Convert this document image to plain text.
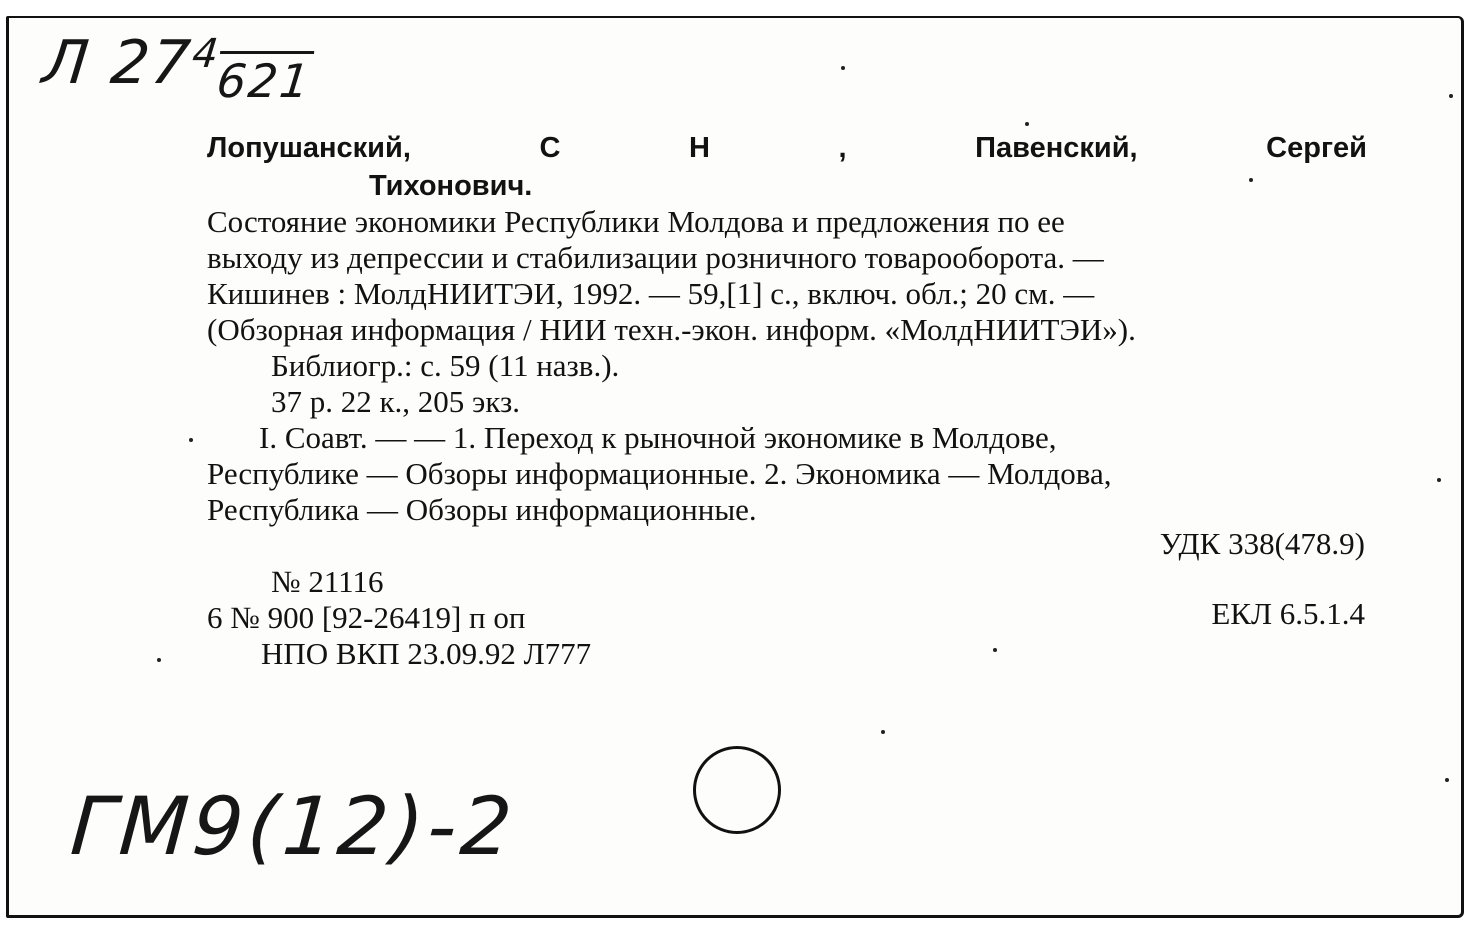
Л $27^4_{621}$
Лопушанский,	С	Н	,	Павенский,	Сергей
Тихонович.
Состояние экономики Республики Молдова и предложения по ее
выходу из депрессии и стабилизации розничного товарооборота. —
Кишинев : МолдНИИТЭИ, 1992. — 59,[1] с., включ. обл.; 20 см. —
(Обзорная информация / НИИ техн.-экон. информ. «МолдНИИТЭИ»).
Библиогр.: с. 59 (11 назв.).
37 р. 22 к., 205 экз.
I. Соавт. — — 1. Переход к рыночной экономике в Молдове,
Республике — Обзоры информационные. 2. Экономика — Молдова,
Республика — Обзоры информационные.
УДК 338(478.9)
№ 21116
6 № 900 [92-26419] п оп	ЕКЛ 6.5.1.4
НПО ВКП 23.09.92 Л777
ГМ9(12)-2
